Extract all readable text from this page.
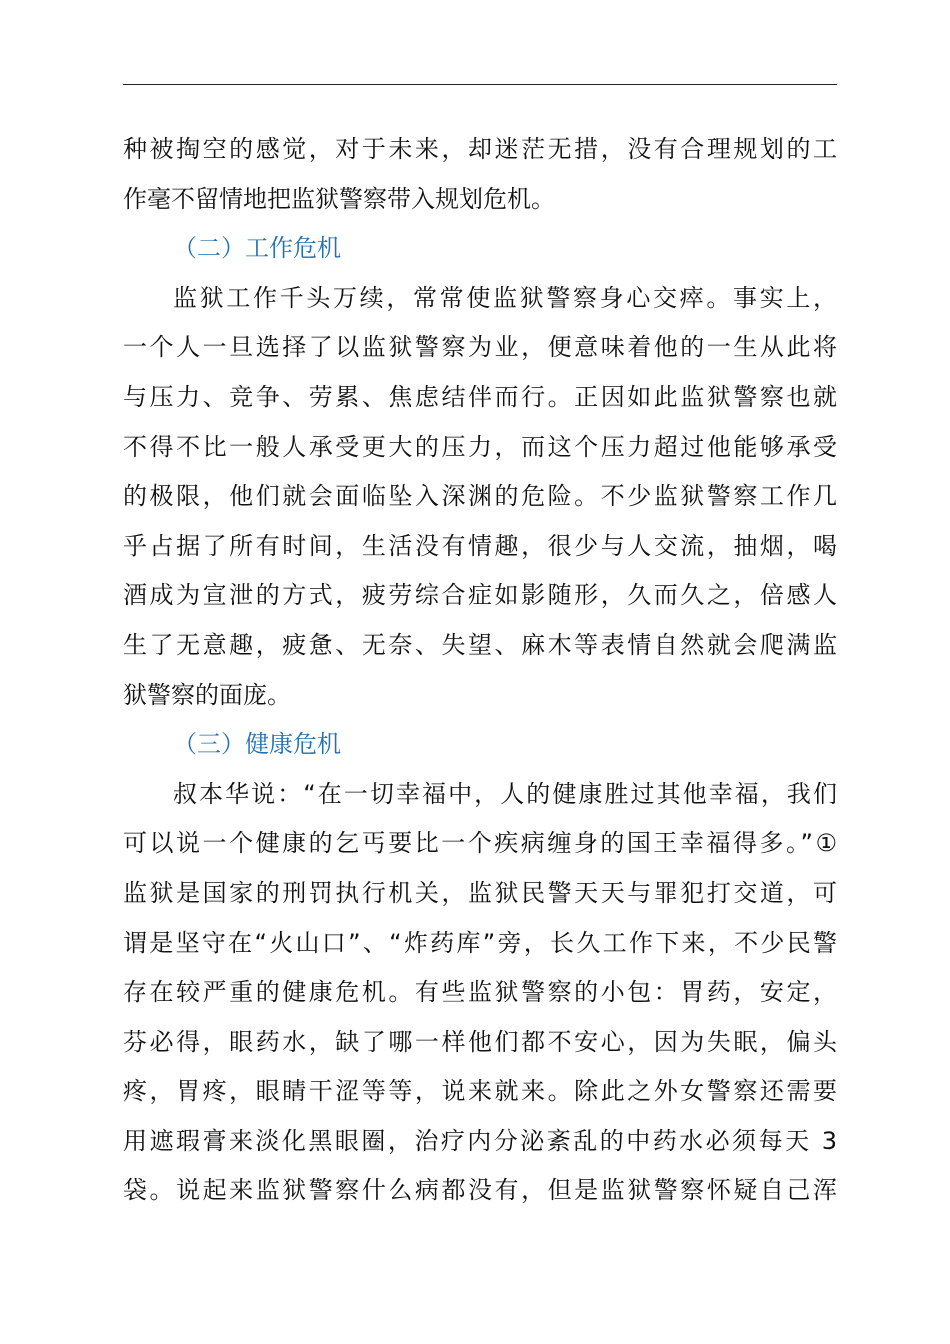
种被掏空的感觉，对于未来，却迷茫无措，没有合理规划的工
作毫不留情地把监狱警察带入规划危机。
（二）工作危机
监狱工作千头万续，常常使监狱警察身心交瘁。事实上，
一个人一旦选择了以监狱警察为业，便意味着他的一生从此将
与压力、竞争、劳累、焦虑结伴而行。正因如此监狱警察也就
不得不比一般人承受更大的压力，而这个压力超过他能够承受
的极限，他们就会面临坠入深渊的危险。不少监狱警察工作几
乎占据了所有时间，生活没有情趣，很少与人交流，抽烟，喝
酒成为宣泄的方式，疲劳综合症如影随形，久而久之，倍感人
生了无意趣，疲惫、无奈、失望、麻木等表情自然就会爬满监
狱警察的面庞。
（三）健康危机
叔本华说：“在一切幸福中，人的健康胜过其他幸福，我们
可以说一个健康的乞丐要比一个疾病缠身的国王幸福得多。”①
监狱是国家的刑罚执行机关，监狱民警天天与罪犯打交道，可
谓是坚守在“火山口”、“炸药库”旁，长久工作下来，不少民警
存在较严重的健康危机。有些监狱警察的小包：胃药，安定，
芬必得，眼药水，缺了哪一样他们都不安心，因为失眠，偏头
疼，胃疼，眼睛干涩等等，说来就来。除此之外女警察还需要
用遮瑕膏来淡化黑眼圈，治疗内分泌紊乱的中药水必须每天 3
袋。说起来监狱警察什么病都没有，但是监狱警察怀疑自己浑
